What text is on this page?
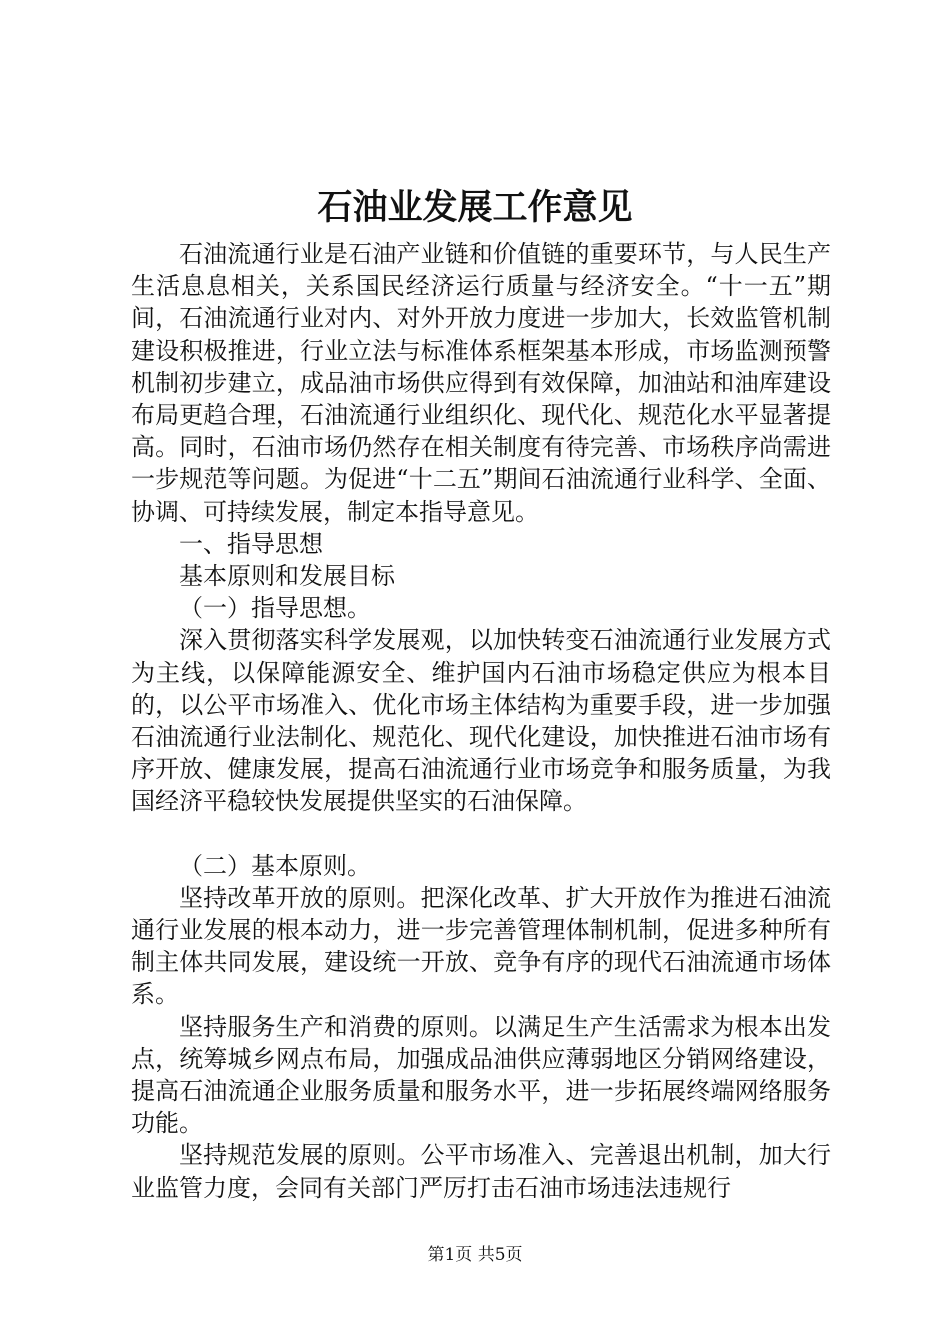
石油业发展工作意见

石油流通行业是石油产业链和价值链的重要环节，与人民生产生活息息相关，关系国民经济运行质量与经济安全。“十一五”期间，石油流通行业对内、对外开放力度进一步加大，长效监管机制建设积极推进，行业立法与标准体系框架基本形成，市场监测预警机制初步建立，成品油市场供应得到有效保障，加油站和油库建设布局更趋合理，石油流通行业组织化、现代化、规范化水平显著提高。同时，石油市场仍然存在相关制度有待完善、市场秩序尚需进一步规范等问题。为促进“十二五”期间石油流通行业科学、全面、协调、可持续发展，制定本指导意见。

一、指导思想

基本原则和发展目标

（一）指导思想。

深入贯彻落实科学发展观，以加快转变石油流通行业发展方式为主线，以保障能源安全、维护国内石油市场稳定供应为根本目的，以公平市场准入、优化市场主体结构为重要手段，进一步加强石油流通行业法制化、规范化、现代化建设，加快推进石油市场有序开放、健康发展，提高石油流通行业市场竞争和服务质量，为我国经济平稳较快发展提供坚实的石油保障。

（二）基本原则。

坚持改革开放的原则。把深化改革、扩大开放作为推进石油流通行业发展的根本动力，进一步完善管理体制机制，促进多种所有制主体共同发展，建设统一开放、竞争有序的现代石油流通市场体系。

坚持服务生产和消费的原则。以满足生产生活需求为根本出发点，统筹城乡网点布局，加强成品油供应薄弱地区分销网络建设，提高石油流通企业服务质量和服务水平，进一步拓展终端网络服务功能。

坚持规范发展的原则。公平市场准入、完善退出机制，加大行业监管力度，会同有关部门严厉打击石油市场违法违规行

第1页 共5页
